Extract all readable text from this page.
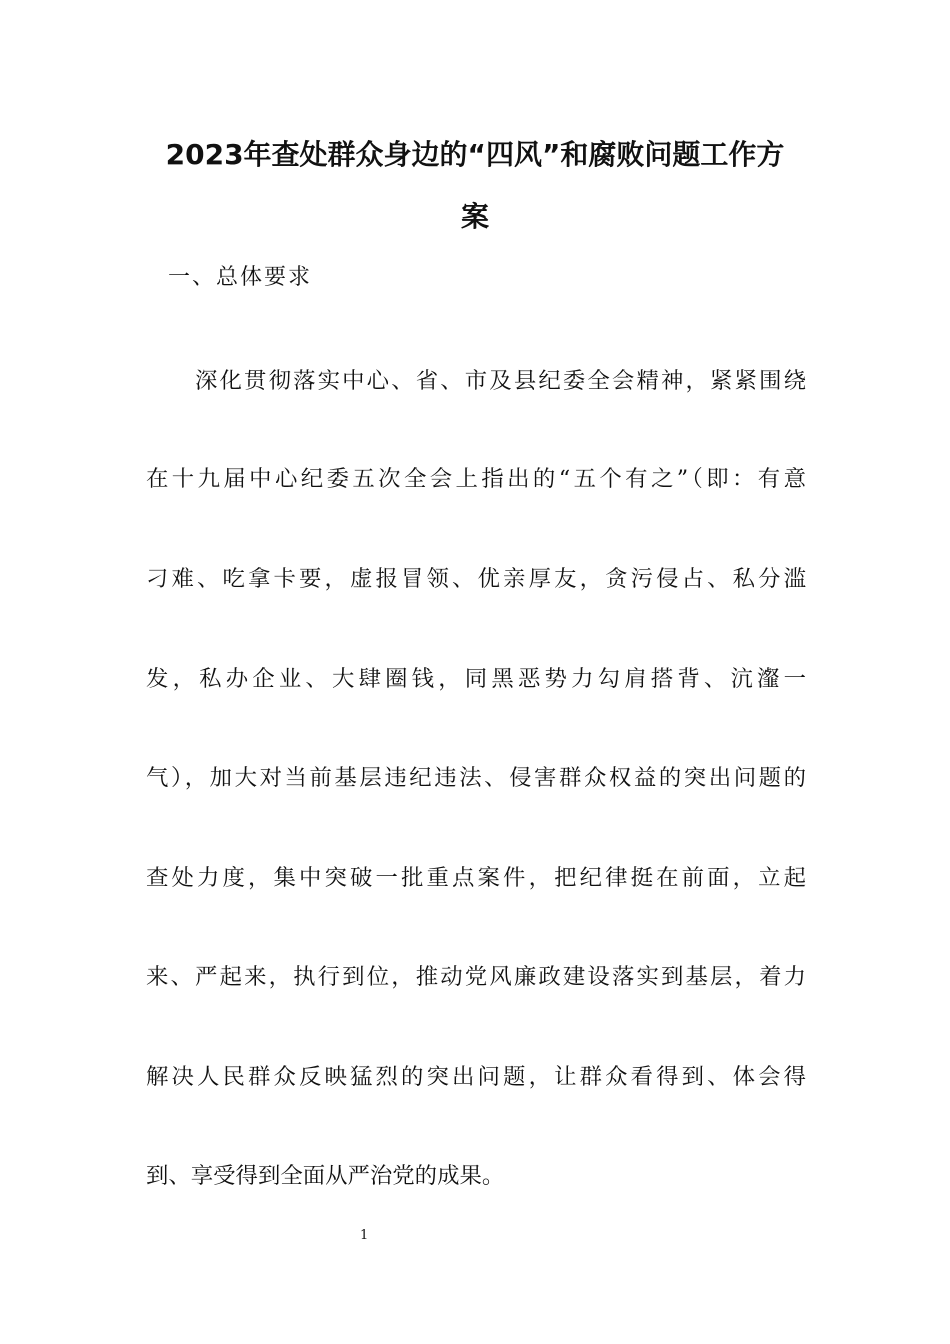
2023年查处群众身边的“四风”和腐败问题工作方
案

一、总体要求

深化贯彻落实中心、省、市及县纪委全会精神，紧紧围绕

在十九届中心纪委五次全会上指出的“五个有之”（即：有意

刁难、吃拿卡要，虚报冒领、优亲厚友，贪污侵占、私分滥

发，私办企业、大肆圈钱，同黑恶势力勾肩搭背、沆瀣一

气），加大对当前基层违纪违法、侵害群众权益的突出问题的

查处力度，集中突破一批重点案件，把纪律挺在前面，立起

来、严起来，执行到位，推动党风廉政建设落实到基层，着力

解决人民群众反映猛烈的突出问题，让群众看得到、体会得

到、享受得到全面从严治党的成果。

1
